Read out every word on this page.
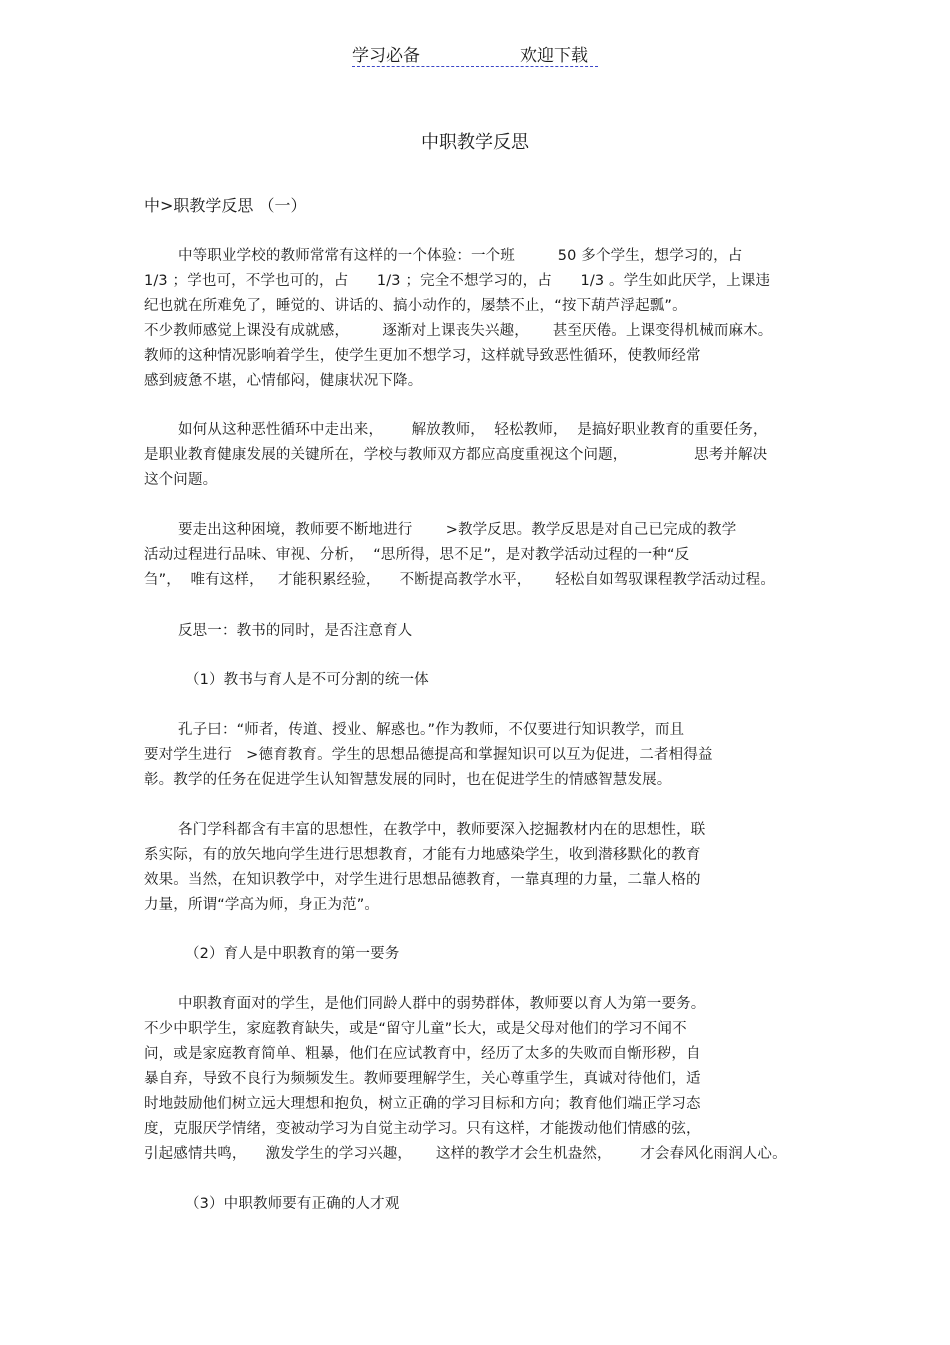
学习必备	欢迎下载
中职教学反思
中>职教学反思 （一）
中等职业学校的教师常常有这样的一个体验：一个班         50 多个学生，想学习的，占
1/3 ；学也可，不学也可的，占      1/3 ；完全不想学习的，占      1/3 。学生如此厌学，上课违
纪也就在所难免了，睡觉的、讲话的、搞小动作的，屡禁不止，“按下葫芦浮起瓢”。
不少教师感觉上课没有成就感，       逐渐对上课丧失兴趣，     甚至厌倦。上课变得机械而麻木。
教师的这种情况影响着学生，使学生更加不想学习，这样就导致恶性循环，使教师经常
感到疲惫不堪，心情郁闷，健康状况下降。
如何从这种恶性循环中走出来，      解放教师，  轻松教师，  是搞好职业教育的重要任务，
是职业教育健康发展的关键所在，学校与教师双方都应高度重视这个问题，              思考并解决
这个问题。
要走出这种困境，教师要不断地进行       >教学反思。教学反思是对自己已完成的教学
活动过程进行品味、审视、分析，  “思所得，思不足”，是对教学活动过程的一种“反
刍”，  唯有这样，   才能积累经验，    不断提高教学水平，     轻松自如驾驭课程教学活动过程。
反思一：教书的同时，是否注意育人
（1）教书与育人是不可分割的统一体
孔子曰：“师者，传道、授业、解惑也。”作为教师，不仅要进行知识教学，而且
要对学生进行   >德育教育。学生的思想品德提高和掌握知识可以互为促进，二者相得益
彰。教学的任务在促进学生认知智慧发展的同时，也在促进学生的情感智慧发展。
各门学科都含有丰富的思想性，在教学中，教师要深入挖掘教材内在的思想性，联
系实际，有的放矢地向学生进行思想教育，才能有力地感染学生，收到潜移默化的教育
效果。当然，在知识教学中，对学生进行思想品德教育，一靠真理的力量，二靠人格的
力量，所谓“学高为师，身正为范”。
（2）育人是中职教育的第一要务
中职教育面对的学生，是他们同龄人群中的弱势群体，教师要以育人为第一要务。
不少中职学生，家庭教育缺失，或是“留守儿童”长大，或是父母对他们的学习不闻不
问，或是家庭教育简单、粗暴，他们在应试教育中，经历了太多的失败而自惭形秽，自
暴自弃，导致不良行为频频发生。教师要理解学生，关心尊重学生，真诚对待他们，适
时地鼓励他们树立远大理想和抱负，树立正确的学习目标和方向；教育他们端正学习态
度，克服厌学情绪，变被动学习为自觉主动学习。只有这样，才能拨动他们情感的弦，
引起感情共鸣，    激发学生的学习兴趣，     这样的教学才会生机盎然，      才会春风化雨润人心。
（3）中职教师要有正确的人才观
